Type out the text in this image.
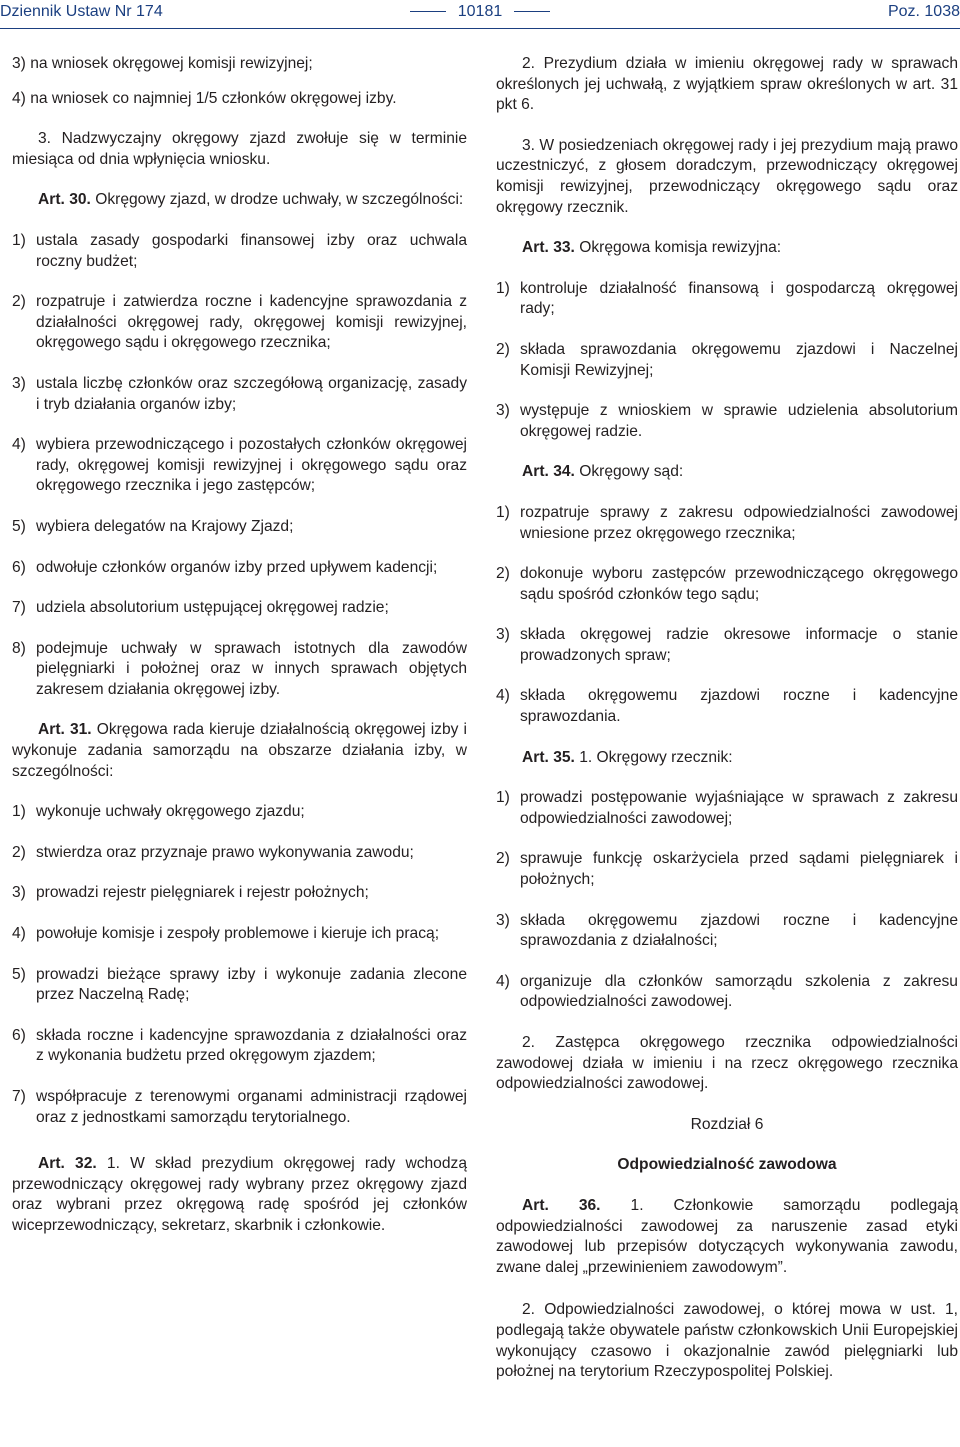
Dziennik Ustaw Nr 174	10181	Poz. 1038

3) na wniosek okręgowej komisji rewizyjnej;

4) na wniosek co najmniej 1/5 członków okręgowej izby.

3. Nadzwyczajny okręgowy zjazd zwołuje się w terminie miesiąca od dnia wpłynięcia wniosku.

Art. 30. Okręgowy zjazd, w drodze uchwały, w szczególności:

1) ustala zasady gospodarki finansowej izby oraz uchwala roczny budżet;

2) rozpatruje i zatwierdza roczne i kadencyjne sprawozdania z działalności okręgowej rady, okręgowej komisji rewizyjnej, okręgowego sądu i okręgowego rzecznika;

3) ustala liczbę członków oraz szczegółową organizację, zasady i tryb działania organów izby;

4) wybiera przewodniczącego i pozostałych członków okręgowej rady, okręgowej komisji rewizyjnej i okręgowego sądu oraz okręgowego rzecznika i jego zastępców;

5) wybiera delegatów na Krajowy Zjazd;

6) odwołuje członków organów izby przed upływem kadencji;

7) udziela absolutorium ustępującej okręgowej radzie;

8) podejmuje uchwały w sprawach istotnych dla zawodów pielęgniarki i położnej oraz w innych sprawach objętych zakresem działania okręgowej izby.

Art. 31. Okręgowa rada kieruje działalnością okręgowej izby i wykonuje zadania samorządu na obszarze działania izby, w szczególności:

1) wykonuje uchwały okręgowego zjazdu;

2) stwierdza oraz przyznaje prawo wykonywania zawodu;

3) prowadzi rejestr pielęgniarek i rejestr położnych;

4) powołuje komisje i zespoły problemowe i kieruje ich pracą;

5) prowadzi bieżące sprawy izby i wykonuje zadania zlecone przez Naczelną Radę;

6) składa roczne i kadencyjne sprawozdania z działalności oraz z wykonania budżetu przed okręgowym zjazdem;

7) współpracuje z terenowymi organami administracji rządowej oraz z jednostkami samorządu terytorialnego.

Art. 32. 1. W skład prezydium okręgowej rady wchodzą przewodniczący okręgowej rady wybrany przez okręgowy zjazd oraz wybrani przez okręgową radę spośród jej członków wiceprzewodniczący, sekretarz, skarbnik i członkowie.

2. Prezydium działa w imieniu okręgowej rady w sprawach określonych jej uchwałą, z wyjątkiem spraw określonych w art. 31 pkt 6.

3. W posiedzeniach okręgowej rady i jej prezydium mają prawo uczestniczyć, z głosem doradczym, przewodniczący okręgowej komisji rewizyjnej, przewodniczący okręgowego sądu oraz okręgowy rzecznik.

Art. 33. Okręgowa komisja rewizyjna:

1) kontroluje działalność finansową i gospodarczą okręgowej rady;

2) składa sprawozdania okręgowemu zjazdowi i Naczelnej Komisji Rewizyjnej;

3) występuje z wnioskiem w sprawie udzielenia absolutorium okręgowej radzie.

Art. 34. Okręgowy sąd:

1) rozpatruje sprawy z zakresu odpowiedzialności zawodowej wniesione przez okręgowego rzecznika;

2) dokonuje wyboru zastępców przewodniczącego okręgowego sądu spośród członków tego sądu;

3) składa okręgowej radzie okresowe informacje o stanie prowadzonych spraw;

4) składa okręgowemu zjazdowi roczne i kadencyjne sprawozdania.

Art. 35. 1. Okręgowy rzecznik:

1) prowadzi postępowanie wyjaśniające w sprawach z zakresu odpowiedzialności zawodowej;

2) sprawuje funkcję oskarżyciela przed sądami pielęgniarek i położnych;

3) składa okręgowemu zjazdowi roczne i kadencyjne sprawozdania z działalności;

4) organizuje dla członków samorządu szkolenia z zakresu odpowiedzialności zawodowej.

2. Zastępca okręgowego rzecznika odpowiedzialności zawodowej działa w imieniu i na rzecz okręgowego rzecznika odpowiedzialności zawodowej.

Rozdział 6

Odpowiedzialność zawodowa

Art. 36. 1. Członkowie samorządu podlegają odpowiedzialności zawodowej za naruszenie zasad etyki zawodowej lub przepisów dotyczących wykonywania zawodu, zwane dalej „przewinieniem zawodowym”.

2. Odpowiedzialności zawodowej, o której mowa w ust. 1, podlegają także obywatele państw członkowskich Unii Europejskiej wykonujący czasowo i okazjonalnie zawód pielęgniarki lub położnej na terytorium Rzeczypospolitej Polskiej.
